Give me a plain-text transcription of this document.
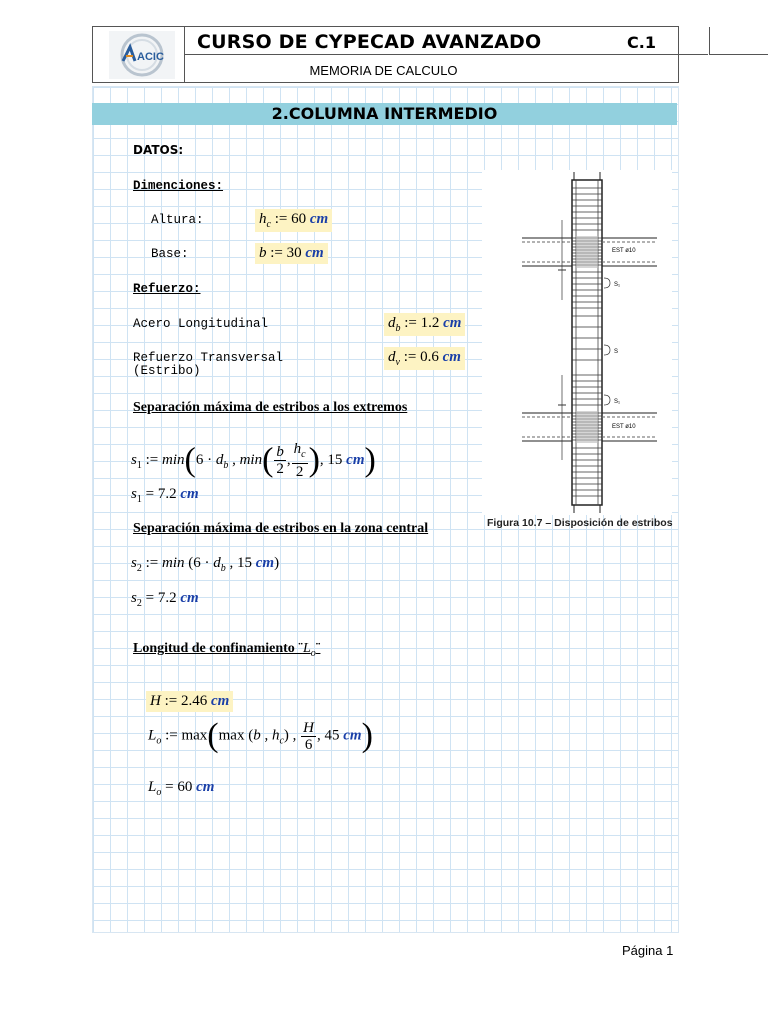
ACIC
CURSO DE CYPECAD AVANZADO	C.1
MEMORIA DE CALCULO
2.COLUMNA INTERMEDIO
DATOS:
Dimenciones:
Altura:	$h_c$ := 60 cm
Base:	b := 30 cm
Refuerzo:
Acero Longitudinal	$d_b$ := 1.2 cm
Refuerzo Transversal
(Estribo)
$d_v$ := 0.6 cm
Separación máxima de estribos a los extremos
$s_1$ := $\min(6 \cdot d_b$ , $\min( \frac{b}{2}$ , $\frac{h_c}{2}$ ), 15 cm)
$s_1 = 7.2$ cm
Separación máxima de estribos en la zona central
$s_2$ := $\min (6 \cdot d_b$ , 15 cm)
$s_2 = 7.2$ cm
Longitud de confinamiento $¨L_o¨$
H := 2.46 cm
$L_o$ := max(max (b , $h_c$) , $\frac{H}{6}$ , 45 cm)
$L_o = 60$ cm
EST ø10
S₁
S
S₁
EST ø10
Figura 10.7 – Disposición de estribos
Página 1
